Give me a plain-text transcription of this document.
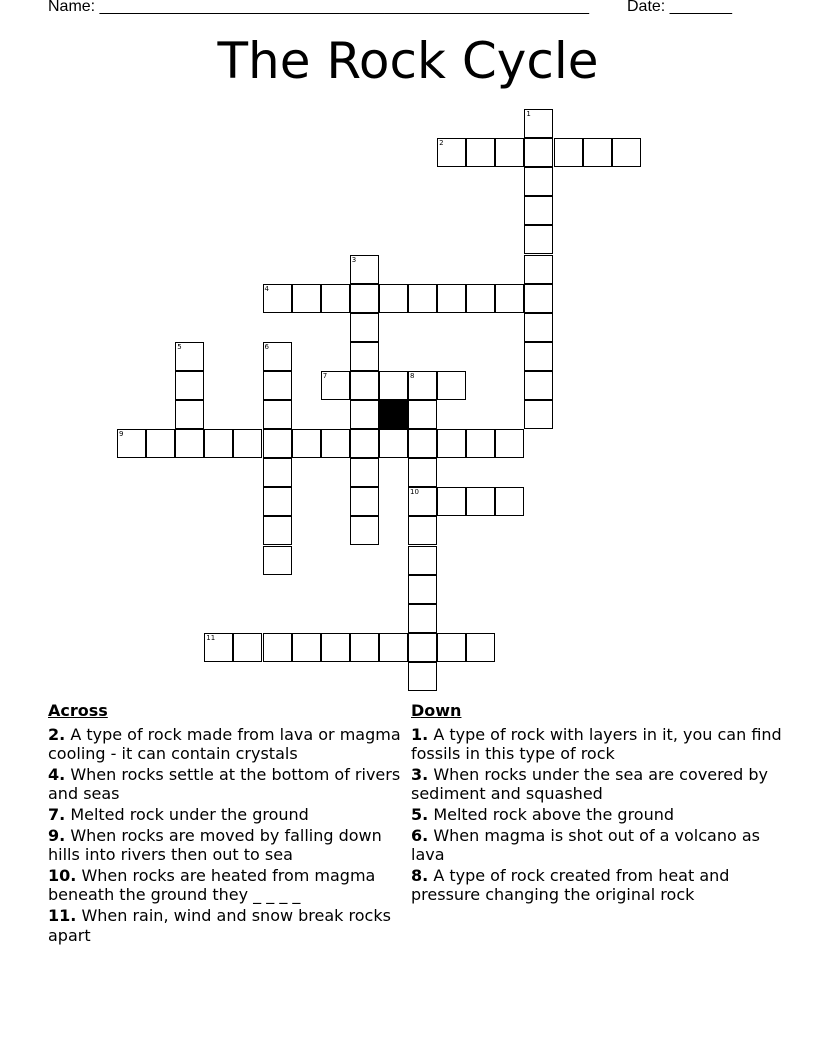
Name: _______________________________________________________ Date: _______
The Rock Cycle
1
2
3
4
5	6
7	8
10
9
11
Across
2. A type of rock made from lava or magma cooling - it can contain crystals
4. When rocks settle at the bottom of rivers and seas
7. Melted rock under the ground
9. When rocks are moved by falling down hills into rivers then out to sea
10. When rocks are heated from magma beneath the ground they _ _ _ _
11. When rain, wind and snow break rocks apart
Down
1. A type of rock with layers in it, you can find fossils in this type of rock
3. When rocks under the sea are covered by sediment and squashed
5. Melted rock above the ground
6. When magma is shot out of a volcano as lava
8. A type of rock created from heat and pressure changing the original rock
